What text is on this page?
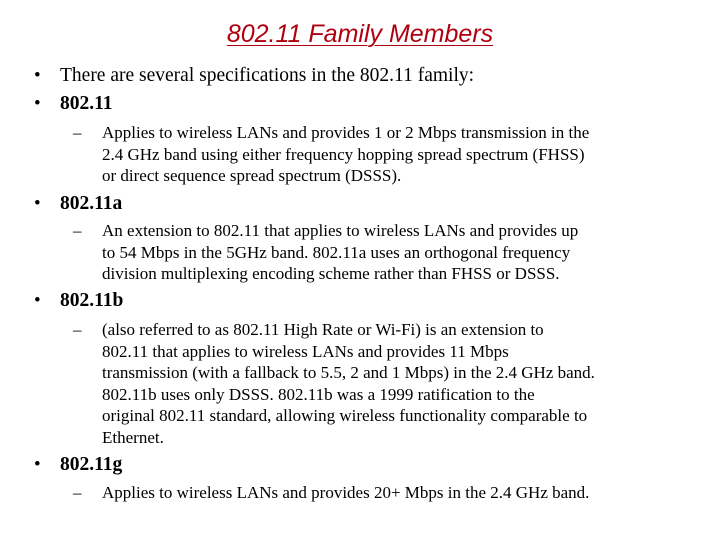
802.11 Family Members
• There are several specifications in the 802.11 family:
• 802.11
– Applies to wireless LANs and provides 1 or 2 Mbps transmission in the
2.4 GHz band using either frequency hopping spread spectrum (FHSS)
or direct sequence spread spectrum (DSSS).
• 802.11a
– An extension to 802.11 that applies to wireless LANs and provides up
to 54 Mbps in the 5GHz band. 802.11a uses an orthogonal frequency
division multiplexing encoding scheme rather than FHSS or DSSS.
• 802.11b
– (also referred to as 802.11 High Rate or Wi-Fi) is an extension to
802.11 that applies to wireless LANs and provides 11 Mbps
transmission (with a fallback to 5.5, 2 and 1 Mbps) in the 2.4 GHz band.
802.11b uses only DSSS. 802.11b was a 1999 ratification to the
original 802.11 standard, allowing wireless functionality comparable to
Ethernet.
• 802.11g
– Applies to wireless LANs and provides 20+ Mbps in the 2.4 GHz band.
